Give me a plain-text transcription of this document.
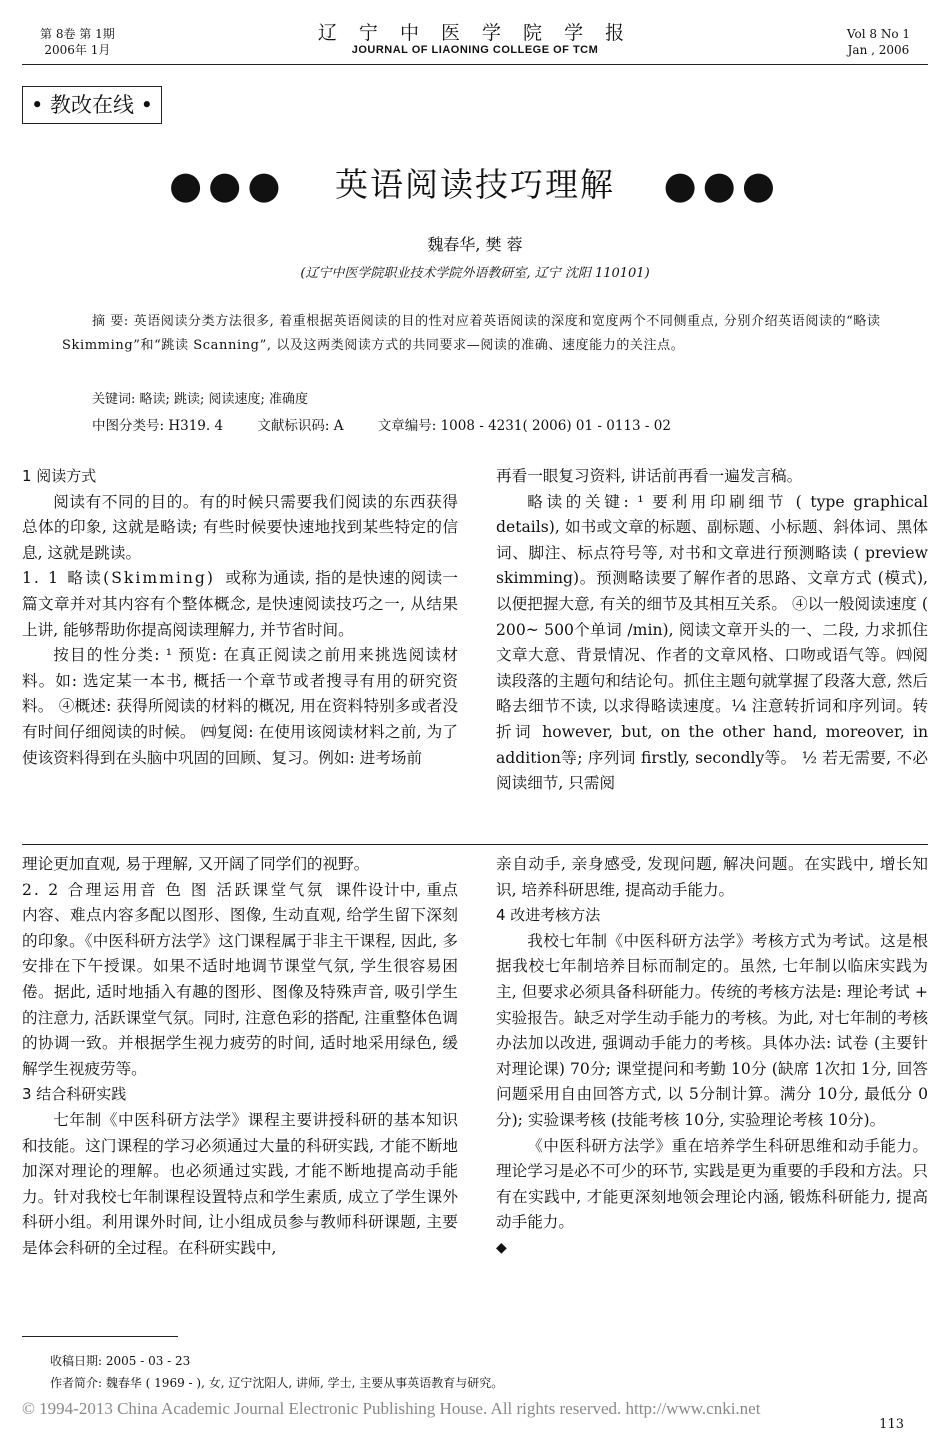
第 8卷 第 1期
2006年 1月
辽 宁 中 医 学 院 学 报
JOURNAL OF LIAONING COLLEGE OF TCM
Vol 8 No 1
Jan , 2006
• 教改在线 •
●●● 英语阅读技巧理解 ●●●
魏春华, 樊 蓉
(辽宁中医学院职业技术学院外语教研室, 辽宁 沈阳 110101)
摘 要: 英语阅读分类方法很多, 着重根据英语阅读的目的性对应着英语阅读的深度和宽度两个不同侧重点, 分别介绍英语阅读的“略读 Skimming”和“跳读 Scanning”, 以及这两类阅读方式的共同要求—阅读的准确、速度能力的关注点。
关键词: 略读; 跳读; 阅读速度; 准确度
中图分类号: H319. 4	文献标识码: A	文章编号: 1008 - 4231( 2006) 01 - 0113 - 02

1 阅读方式

阅读有不同的目的。有的时候只需要我们阅读的东西获得总体的印象, 这就是略读; 有些时候要快速地找到某些特定的信息, 这就是跳读。

1. 1 略读(Skimming) 或称为通读, 指的是快速的阅读一篇文章并对其内容有个整体概念, 是快速阅读技巧之一, 从结果上讲, 能够帮助你提高阅读理解力, 并节省时间。

按目的性分类: ¹ 预览: 在真正阅读之前用来挑选阅读材料。如: 选定某一本书, 概括一个章节或者搜寻有用的研究资料。 ④概述: 获得所阅读的材料的概况, 用在资料特别多或者没有时间仔细阅读的时候。 ㈣复阅: 在使用该阅读材料之前, 为了使该资料得到在头脑中巩固的回顾、复习。例如: 进考场前

再看一眼复习资料, 讲话前再看一遍发言稿。

略读的关键: ¹ 要利用印刷细节 ( type graphical details), 如书或文章的标题、副标题、小标题、斜体词、黑体词、脚注、标点符号等, 对书和文章进行预测略读 ( preview skimming)。预测略读要了解作者的思路、文章方式 (模式), 以便把握大意, 有关的细节及其相互关系。 ④以一般阅读速度 ( 200~ 500个单词 /min), 阅读文章开头的一、二段, 力求抓住文章大意、背景情况、作者的文章风格、口吻或语气等。㈣阅读段落的主题句和结论句。抓住主题句就掌握了段落大意, 然后略去细节不读, 以求得略读速度。¼ 注意转折词和序列词。转折词 however, but, on the other hand, moreover, in addition等; 序列词 firstly, secondly等。 ½ 若无需要, 不必阅读细节, 只需阅

理论更加直观, 易于理解, 又开阔了同学们的视野。

2. 2 合理运用音 色 图 活跃课堂气氛 课件设计中, 重点内容、难点内容多配以图形、图像, 生动直观, 给学生留下深刻的印象。《中医科研方法学》这门课程属于非主干课程, 因此, 多安排在下午授课。如果不适时地调节课堂气氛, 学生很容易困倦。据此, 适时地插入有趣的图形、图像及特殊声音, 吸引学生的注意力, 活跃课堂气氛。同时, 注意色彩的搭配, 注重整体色调的协调一致。并根据学生视力疲劳的时间, 适时地采用绿色, 缓解学生视疲劳等。

3 结合科研实践

七年制《中医科研方法学》课程主要讲授科研的基本知识和技能。这门课程的学习必须通过大量的科研实践, 才能不断地加深对理论的理解。也必须通过实践, 才能不断地提高动手能力。针对我校七年制课程设置特点和学生素质, 成立了学生课外科研小组。利用课外时间, 让小组成员参与教师科研课题, 主要是体会科研的全过程。在科研实践中,

亲自动手, 亲身感受, 发现问题, 解决问题。在实践中, 增长知识, 培养科研思维, 提高动手能力。

4 改进考核方法

我校七年制《中医科研方法学》考核方式为考试。这是根据我校七年制培养目标而制定的。虽然, 七年制以临床实践为主, 但要求必须具备科研能力。传统的考核方法是: 理论考试 + 实验报告。缺乏对学生动手能力的考核。为此, 对七年制的考核办法加以改进, 强调动手能力的考核。具体办法: 试卷 (主要针对理论课) 70分; 课堂提问和考勤 10分 (缺席 1次扣 1分, 回答问题采用自由回答方式, 以 5分制计算。满分 10分, 最低分 0分); 实验课考核 (技能考核 10分, 实验理论考核 10分)。

《中医科研方法学》重在培养学生科研思维和动手能力。理论学习是必不可少的环节, 实践是更为重要的手段和方法。只有在实践中, 才能更深刻地领会理论内涵, 锻炼科研能力, 提高动手能力。

◆

收稿日期: 2005 - 03 - 23
作者简介: 魏春华 ( 1969 - ), 女, 辽宁沈阳人, 讲师, 学士, 主要从事英语教育与研究。
© 1994-2013 China Academic Journal Electronic Publishing House. All rights reserved. http://www.cnki.net
113
